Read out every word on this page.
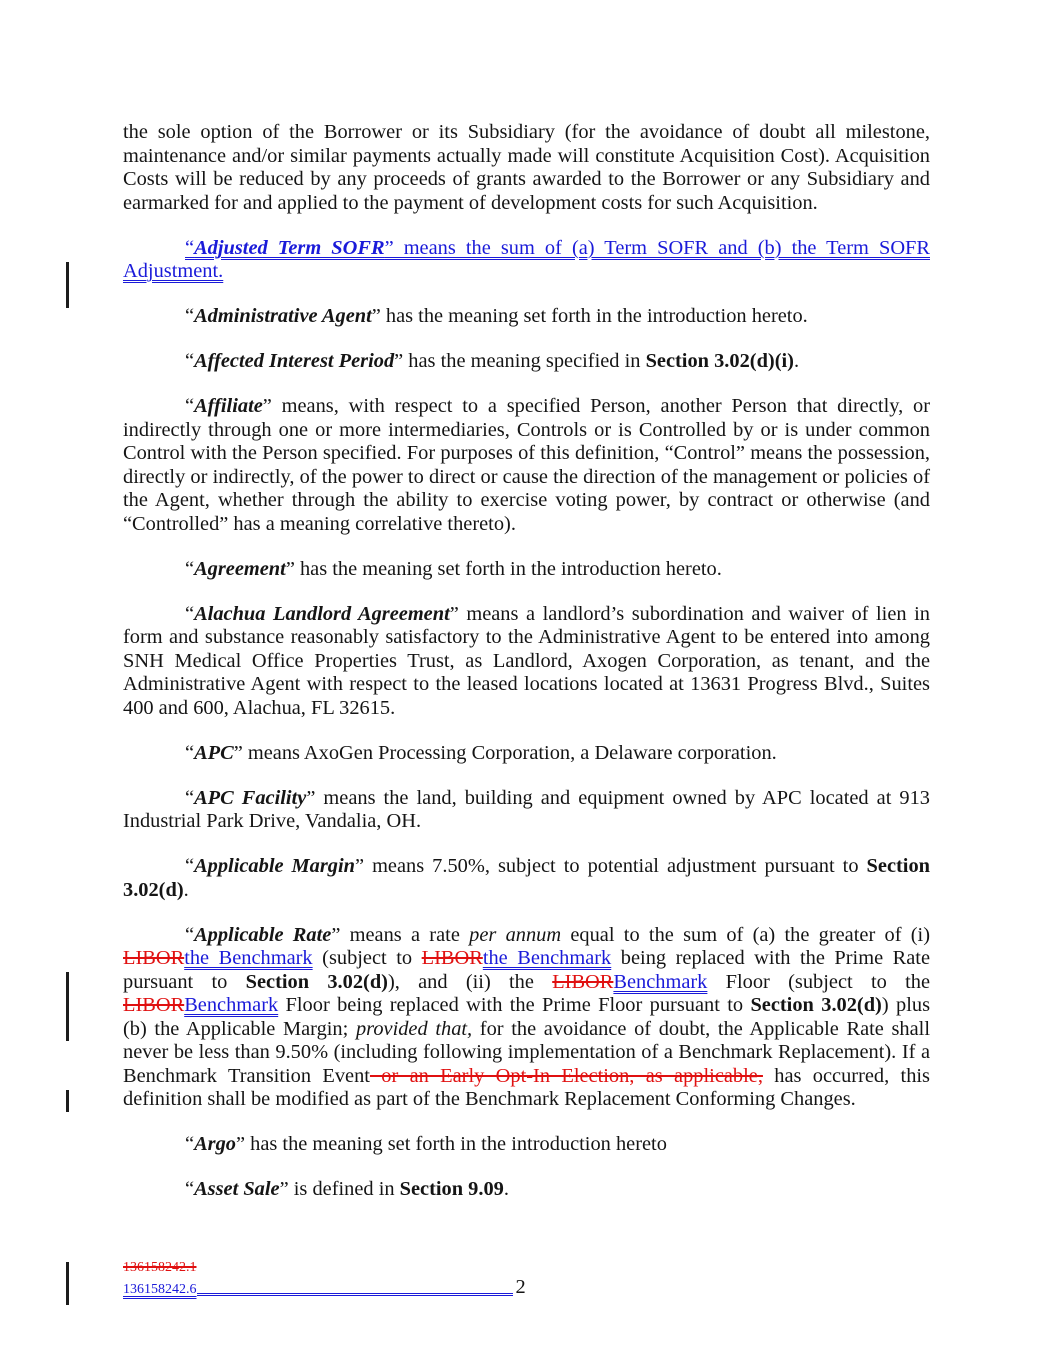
the sole option of the Borrower or its Subsidiary (for the avoidance of doubt all milestone, maintenance and/or similar payments actually made will constitute Acquisition Cost). Acquisition Costs will be reduced by any proceeds of grants awarded to the Borrower or any Subsidiary and earmarked for and applied to the payment of development costs for such Acquisition.

“Adjusted Term SOFR” means the sum of (a) Term SOFR and (b) the Term SOFR Adjustment.

“Administrative Agent” has the meaning set forth in the introduction hereto.

“Affected Interest Period” has the meaning specified in Section 3.02(d)(i).

“Affiliate” means, with respect to a specified Person, another Person that directly, or indirectly through one or more intermediaries, Controls or is Controlled by or is under common Control with the Person specified. For purposes of this definition, “Control” means the possession, directly or indirectly, of the power to direct or cause the direction of the management or policies of the Agent, whether through the ability to exercise voting power, by contract or otherwise (and “Controlled” has a meaning correlative thereto).

“Agreement” has the meaning set forth in the introduction hereto.

“Alachua Landlord Agreement” means a landlord’s subordination and waiver of lien in form and substance reasonably satisfactory to the Administrative Agent to be entered into among SNH Medical Office Properties Trust, as Landlord, Axogen Corporation, as tenant, and the Administrative Agent with respect to the leased locations located at 13631 Progress Blvd., Suites 400 and 600, Alachua, FL 32615.

“APC” means AxoGen Processing Corporation, a Delaware corporation.

“APC Facility” means the land, building and equipment owned by APC located at 913 Industrial Park Drive, Vandalia, OH.

“Applicable Margin” means 7.50%, subject to potential adjustment pursuant to Section 3.02(d).

“Applicable Rate” means a rate per annum equal to the sum of (a) the greater of (i) LIBORthe Benchmark (subject to LIBORthe Benchmark being replaced with the Prime Rate pursuant to Section 3.02(d)), and (ii) the LIBORBenchmark Floor (subject to the LIBORBenchmark Floor being replaced with the Prime Floor pursuant to Section 3.02(d)) plus (b) the Applicable Margin; provided that, for the avoidance of doubt, the Applicable Rate shall never be less than 9.50% (including following implementation of a Benchmark Replacement). If a Benchmark Transition Event or an Early Opt-In Election, as applicable, has occurred, this definition shall be modified as part of the Benchmark Replacement Conforming Changes.

“Argo” has the meaning set forth in the introduction hereto

“Asset Sale” is defined in Section 9.09.

136158242.1
136158242.6	2
